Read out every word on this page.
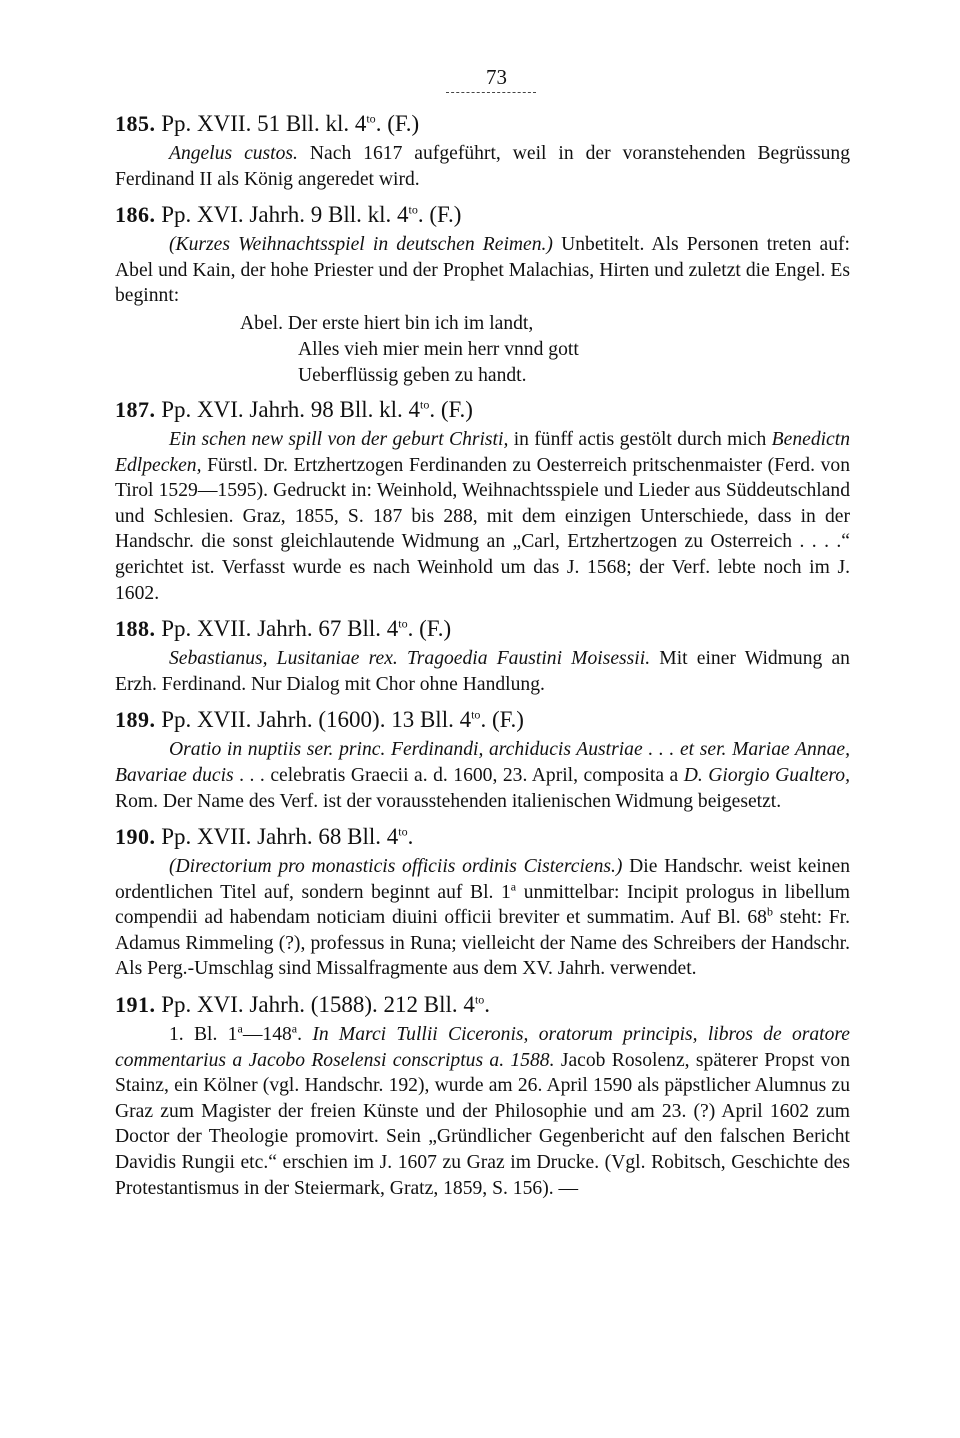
73

185. Pp. XVII. 51 Bll. kl. $4^{to}$. (F.)

Angelus custos. Nach 1617 aufgeführt, weil in der voranstehenden Begrüssung Ferdinand II als König angeredet wird.

186. Pp. XVI. Jahrh. 9 Bll. kl. $4^{to}$. (F.)

(Kurzes Weihnachtsspiel in deutschen Reimen.) Unbetitelt. Als Personen treten auf: Abel und Kain, der hohe Priester und der Prophet Malachias, Hirten und zuletzt die Engel. Es beginnt:

Abel. Der erste hiert bin ich im landt,
Alles vieh mier mein herr vnnd gott
Ueberflüssig geben zu handt.

187. Pp. XVI. Jahrh. 98 Bll. kl. $4^{to}$. (F.)

Ein schen new spill von der geburt Christi, in fünff actis gestölt durch mich Benedictn Edlpecken, Fürstl. Dr. Ertzhertzogen Ferdinanden zu Oesterreich pritschenmaister (Ferd. von Tirol 1529—1595). Gedruckt in: Weinhold, Weihnachtsspiele und Lieder aus Süddeutschland und Schlesien. Graz, 1855, S. 187 bis 288, mit dem einzigen Unterschiede, dass in der Handschr. die sonst gleichlautende Widmung an „Carl, Ertzhertzogen zu Osterreich . . . .“ gerichtet ist. Verfasst wurde es nach Weinhold um das J. 1568; der Verf. lebte noch im J. 1602.

188. Pp. XVII. Jahrh. 67 Bll. $4^{to}$. (F.)

Sebastianus, Lusitaniae rex. Tragoedia Faustini Moisessii. Mit einer Widmung an Erzh. Ferdinand. Nur Dialog mit Chor ohne Handlung.

189. Pp. XVII. Jahrh. (1600). 13 Bll. $4^{to}$. (F.)

Oratio in nuptiis ser. princ. Ferdinandi, archiducis Austriae . . . et ser. Mariae Annae, Bavariae ducis . . . celebratis Graecii a. d. 1600, 23. April, composita a D. Giorgio Gualtero, Rom. Der Name des Verf. ist der vorausstehenden italienischen Widmung beigesetzt.

190. Pp. XVII. Jahrh. 68 Bll. $4^{to}$.

(Directorium pro monasticis officiis ordinis Cisterciens.) Die Handschr. weist keinen ordentlichen Titel auf, sondern beginnt auf Bl. 1$^a$ unmittelbar: Incipit prologus in libellum compendii ad habendam noticiam diuini officii breviter et summatim. Auf Bl. 68$^b$ steht: Fr. Adamus Rimmeling (?), professus in Runa; vielleicht der Name des Schreibers der Handschr. Als Perg.-Umschlag sind Missalfragmente aus dem XV. Jahrh. verwendet.

191. Pp. XVI. Jahrh. (1588). 212 Bll. $4^{to}$.

1. Bl. 1$^a$—148$^a$. In Marci Tullii Ciceronis, oratorum principis, libros de oratore commentarius a Jacobo Roselensi conscriptus a. 1588. Jacob Rosolenz, späterer Propst von Stainz, ein Kölner (vgl. Handschr. 192), wurde am 26. April 1590 als päpstlicher Alumnus zu Graz zum Magister der freien Künste und der Philosophie und am 23. (?) April 1602 zum Doctor der Theologie promovirt. Sein „Gründlicher Gegenbericht auf den falschen Bericht Davidis Rungii etc.“ erschien im J. 1607 zu Graz im Drucke. (Vgl. Robitsch, Geschichte des Protestantismus in der Steiermark, Gratz, 1859, S. 156). —
